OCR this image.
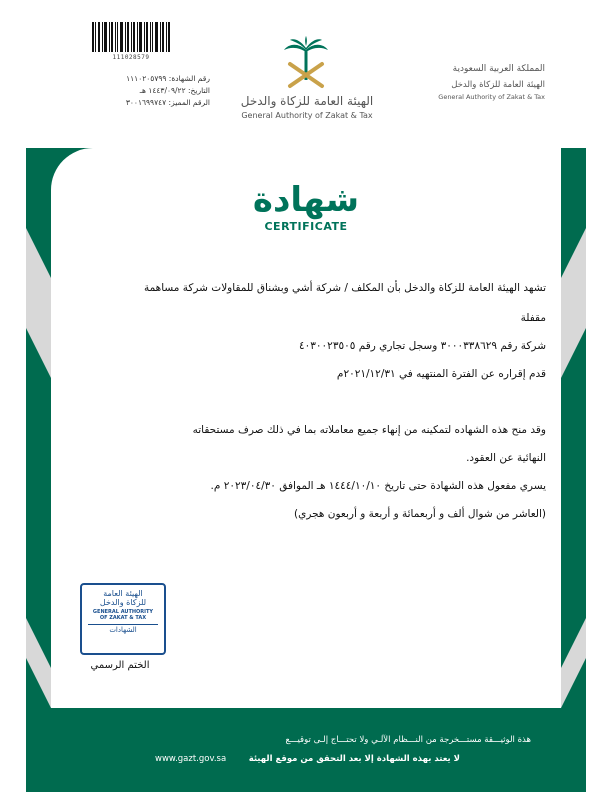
111028579
رقم الشهادة: ١١١٠٢٠٥٧٩٩
التاريخ: ١٤٤٣/٠٩/٢٢ هـ
الرقم المميز: ٣٠٠١٦٩٩٧٤٧	الهيئة العامة للزكاة والدخل
General Authority of Zakat & Tax
المملكة العربية السعودية
الهيئة العامة للزكاة والدخل
General Authority of Zakat & Tax
شهادة
CERTIFICATE
تشهد الهيئة العامة للزكاة والدخل بأن المكلف / شركة أشي وبشناق للمقاولات شركة مساهمة
مقفلة
شركة رقم ٣٠٠٠٣٣٨٦٢٩ وسجل تجاري رقم ٤٠٣٠٠٢٣٥٠٥
قدم إقراره عن الفترة المنتهيه في ٢٠٢١/١٢/٣١م
وقد منح هذه الشهاده لتمكينه من إنهاء جميع معاملاته بما في ذلك صرف مستحقاته
النهائية عن العقود.
يسري مفعول هذه الشهادة حتى تاريخ ١٤٤٤/١٠/١٠ هـ الموافق ٢٠٢٣/٠٤/٣٠ م.
(العاشر من شوال ألف و أربعمائة و أربعة و أربعون هجري)
الهيئة العامة
للزكاة والدخل
GENERAL AUTHORITY
OF ZAKAT & TAX
الشهادات
الختم الرسمي
هذة الوثيـــقة مستـــخرجة من النـــظام الآلـي ولا تحتـــاج إلـى توقيـــع
لا يعتد بهذه الشهادة إلا بعد التحقق من موقع الهيئة
www.gazt.gov.sa
